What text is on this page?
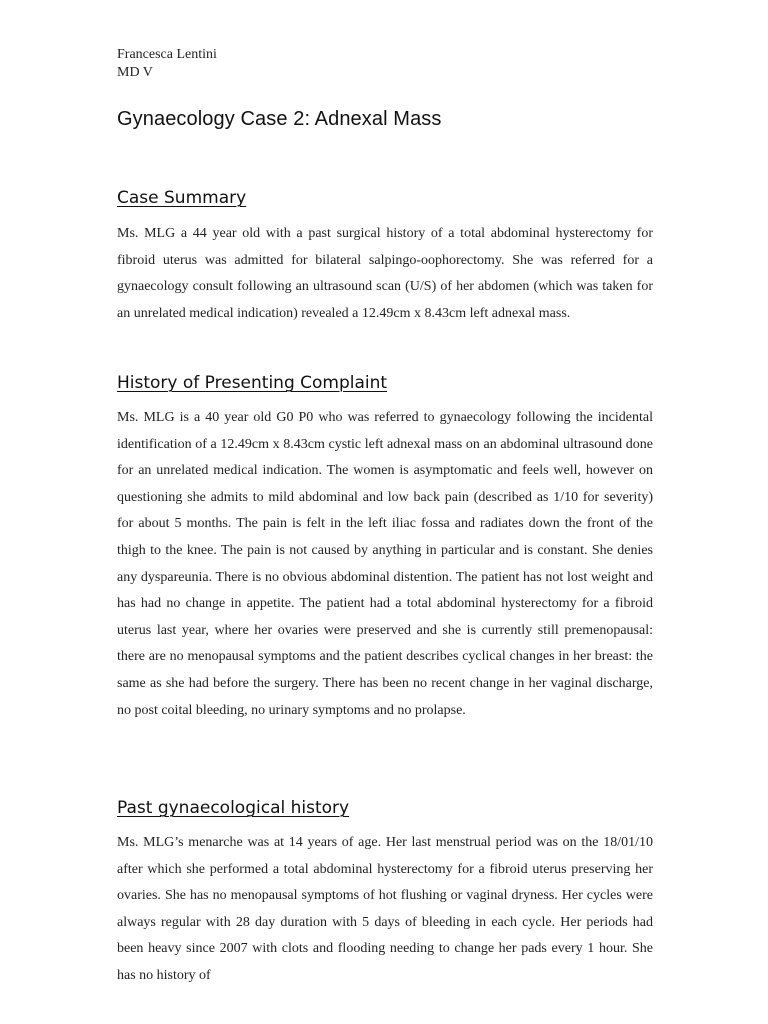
Francesca Lentini
MD V
Gynaecology Case 2: Adnexal Mass
Case Summary

Ms. MLG a 44 year old with a past surgical history of a total abdominal hysterectomy for fibroid uterus was admitted for bilateral salpingo-oophorectomy. She was referred for a gynaecology consult following an ultrasound scan (U/S) of her abdomen (which was taken for an unrelated medical indication) revealed a 12.49cm x 8.43cm left adnexal mass.

History of Presenting Complaint

Ms. MLG is a 40 year old G0 P0 who was referred to gynaecology following the incidental identification of a 12.49cm x 8.43cm cystic left adnexal mass on an abdominal ultrasound done for an unrelated medical indication. The women is asymptomatic and feels well, however on questioning she admits to mild abdominal and low back pain (described as 1/10 for severity) for about 5 months. The pain is felt in the left iliac fossa and radiates down the front of the thigh to the knee. The pain is not caused by anything in particular and is constant. She denies any dyspareunia. There is no obvious abdominal distention. The patient has not lost weight and has had no change in appetite. The patient had a total abdominal hysterectomy for a fibroid uterus last year, where her ovaries were preserved and she is currently still premenopausal: there are no menopausal symptoms and the patient describes cyclical changes in her breast: the same as she had before the surgery. There has been no recent change in her vaginal discharge, no post coital bleeding, no urinary symptoms and no prolapse.

Past gynaecological history

Ms. MLG’s menarche was at 14 years of age. Her last menstrual period was on the 18/01/10 after which she performed a total abdominal hysterectomy for a fibroid uterus preserving her ovaries. She has no menopausal symptoms of hot flushing or vaginal dryness. Her cycles were always regular with 28 day duration with 5 days of bleeding in each cycle. Her periods had been heavy since 2007 with clots and flooding needing to change her pads every 1 hour. She has no history of
